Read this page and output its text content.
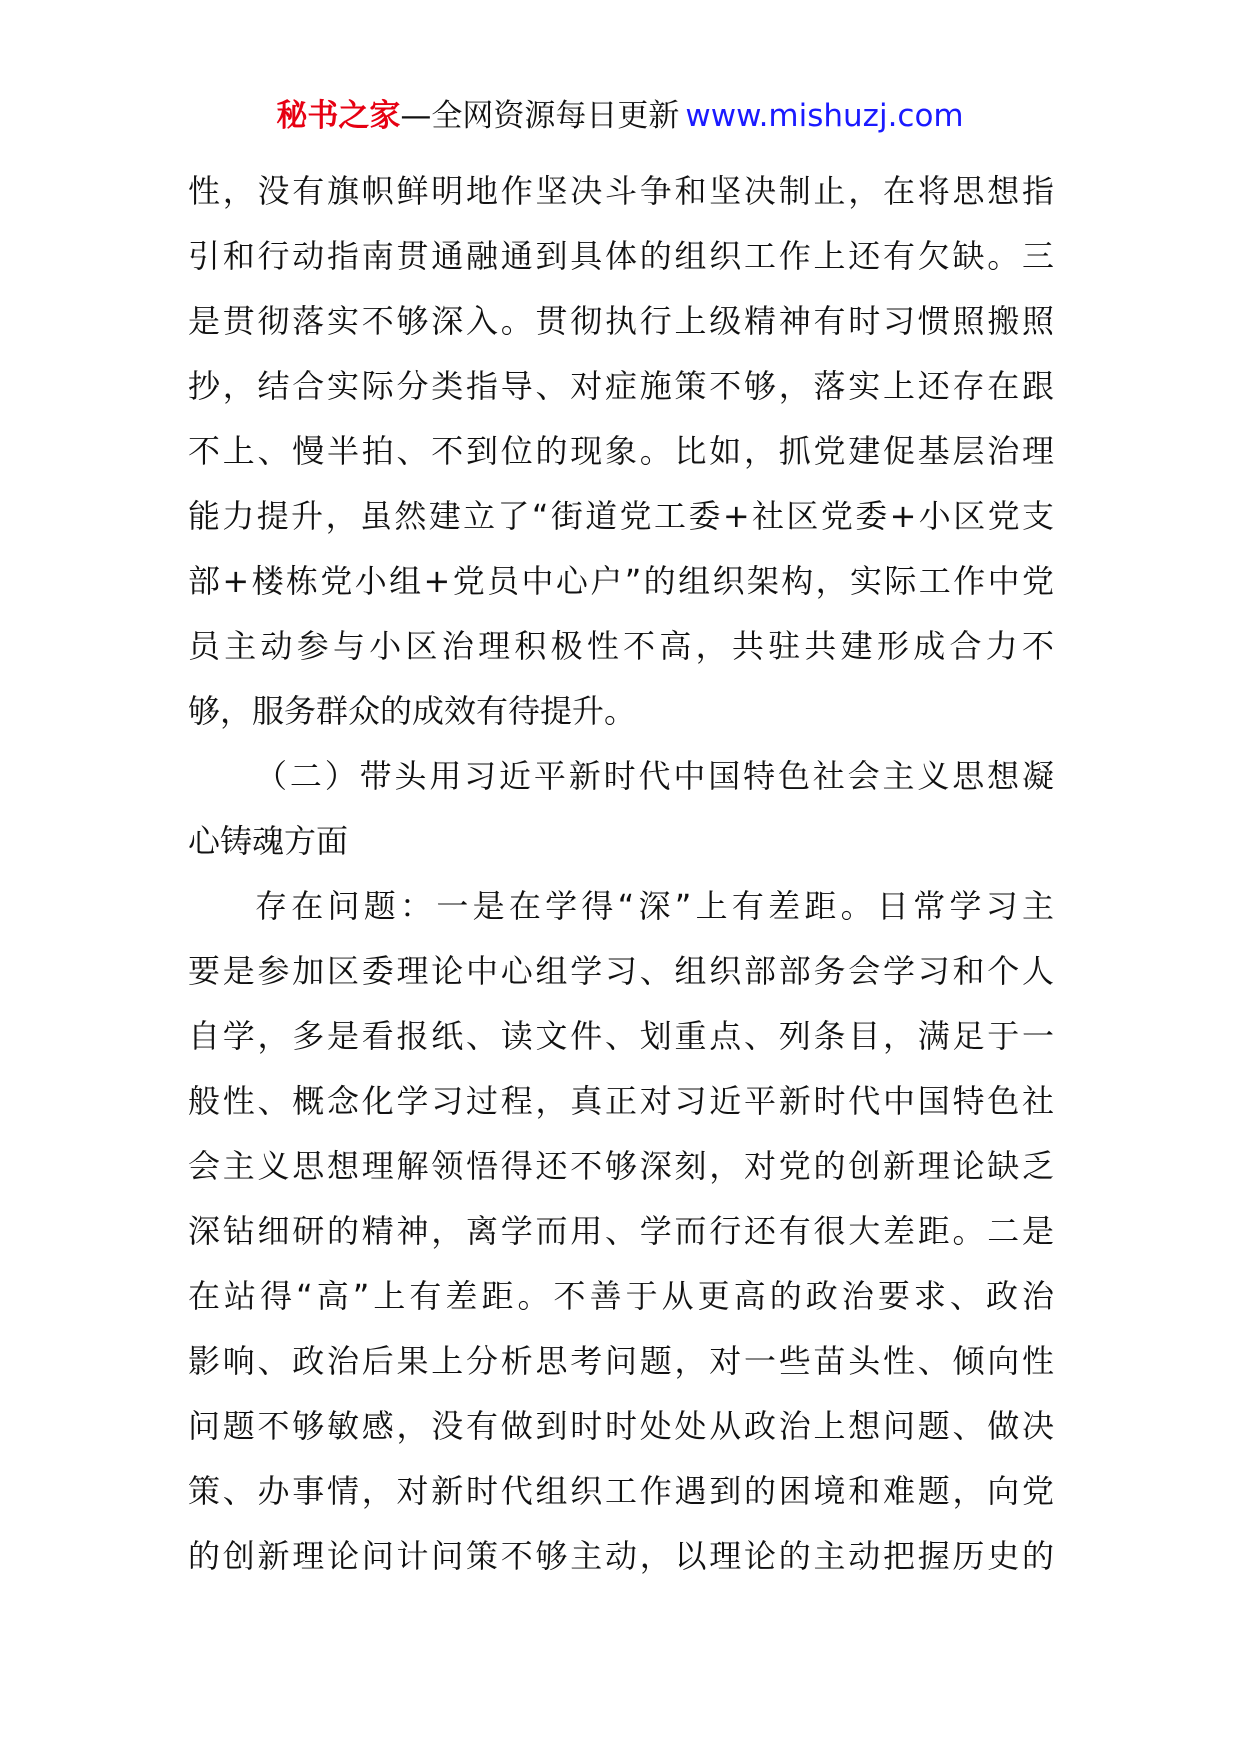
秘书之家—全网资源每日更新 www.mishuzj.com
性，没有旗帜鲜明地作坚决斗争和坚决制止，在将思想指
引和行动指南贯通融通到具体的组织工作上还有欠缺。三
是贯彻落实不够深入。贯彻执行上级精神有时习惯照搬照
抄，结合实际分类指导、对症施策不够，落实上还存在跟
不上、慢半拍、不到位的现象。比如，抓党建促基层治理
能力提升，虽然建立了“街道党工委+社区党委+小区党支
部+楼栋党小组+党员中心户”的组织架构，实际工作中党
员主动参与小区治理积极性不高，共驻共建形成合力不
够，服务群众的成效有待提升。
（二）带头用习近平新时代中国特色社会主义思想凝
心铸魂方面
存在问题：一是在学得“深”上有差距。日常学习主
要是参加区委理论中心组学习、组织部部务会学习和个人
自学，多是看报纸、读文件、划重点、列条目，满足于一
般性、概念化学习过程，真正对习近平新时代中国特色社
会主义思想理解领悟得还不够深刻，对党的创新理论缺乏
深钻细研的精神，离学而用、学而行还有很大差距。二是
在站得“高”上有差距。不善于从更高的政治要求、政治
影响、政治后果上分析思考问题，对一些苗头性、倾向性
问题不够敏感，没有做到时时处处从政治上想问题、做决
策、办事情，对新时代组织工作遇到的困境和难题，向党
的创新理论问计问策不够主动，以理论的主动把握历史的
